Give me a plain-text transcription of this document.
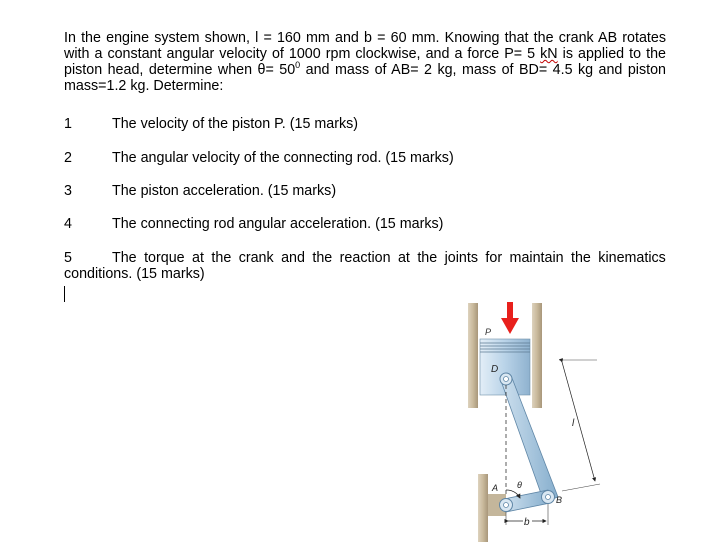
In the engine system shown, l = 160 mm and b = 60 mm. Knowing that the crank AB rotates with a constant angular velocity of 1000 rpm clockwise, and a force P= 5 kN is applied to the piston head, determine when $\theta= 50^0$ and mass of AB= 2 kg, mass of BD= 4.5 kg and piston mass=1.2 kg. Determine:
1	The velocity of the piston P. (15 marks)
2	The angular velocity of the connecting rod. (15 marks)
3	The piston acceleration. (15 marks)
4	The connecting rod angular acceleration. (15 marks)
5	The torque at the crank and the reaction at the joints for maintain the kinematics
conditions. (15 marks)
P
D
A θ
B
l
b
